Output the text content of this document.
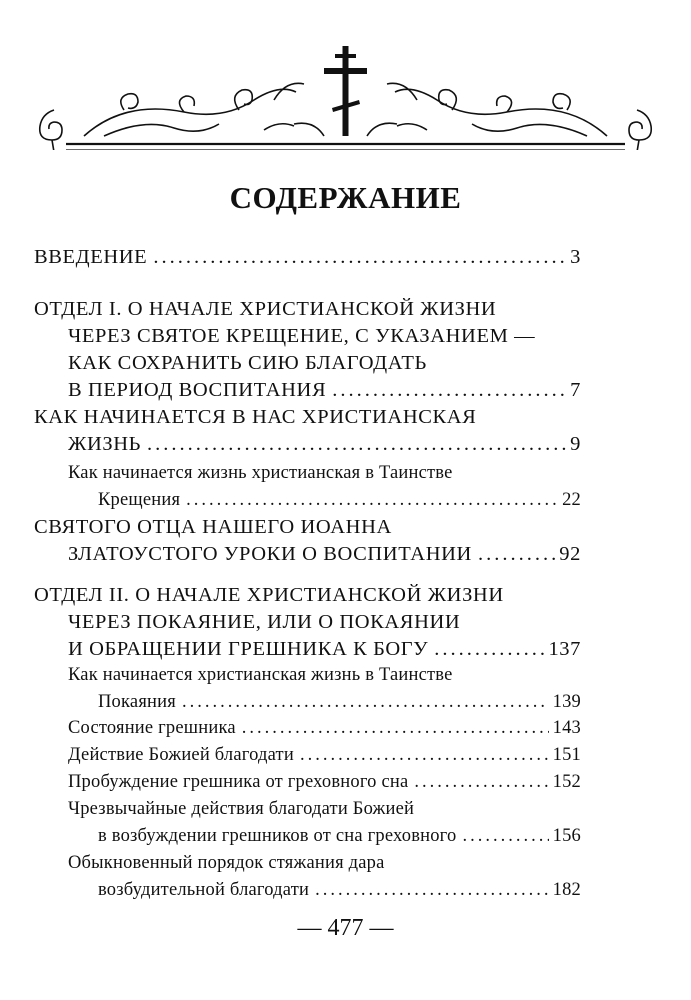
СОДЕРЖАНИЕ
ВВЕДЕНИЕ .....	3
ОТДЕЛ I. О НАЧАЛЕ ХРИСТИАНСКОЙ ЖИЗНИ
ЧЕРЕЗ СВЯТОЕ КРЕЩЕНИЕ, С УКАЗАНИЕМ —
КАК СОХРАНИТЬ СИЮ БЛАГОДАТЬ
В ПЕРИОД ВОСПИТАНИЯ .....	7
КАК НАЧИНАЕТСЯ В НАС ХРИСТИАНСКАЯ
ЖИЗНЬ .....	9
Как начинается жизнь христианская в Таинстве
Крещения .....	22
СВЯТОГО ОТЦА НАШЕГО ИОАННА
ЗЛАТОУСТОГО УРОКИ О ВОСПИТАНИИ .....	92
ОТДЕЛ II. О НАЧАЛЕ ХРИСТИАНСКОЙ ЖИЗНИ
ЧЕРЕЗ ПОКАЯНИЕ, ИЛИ О ПОКАЯНИИ
И ОБРАЩЕНИИ ГРЕШНИКА К БОГУ .....	137
Как начинается христианская жизнь в Таинстве
Покаяния .....	139
Состояние грешника .....	143
Действие Божией благодати .....	151
Пробуждение грешника от греховного сна .....	152
Чрезвычайные действия благодати Божией
в возбуждении грешников от сна греховного .....	156
Обыкновенный порядок стяжания дара
возбудительной благодати .....	182
— 477 —
